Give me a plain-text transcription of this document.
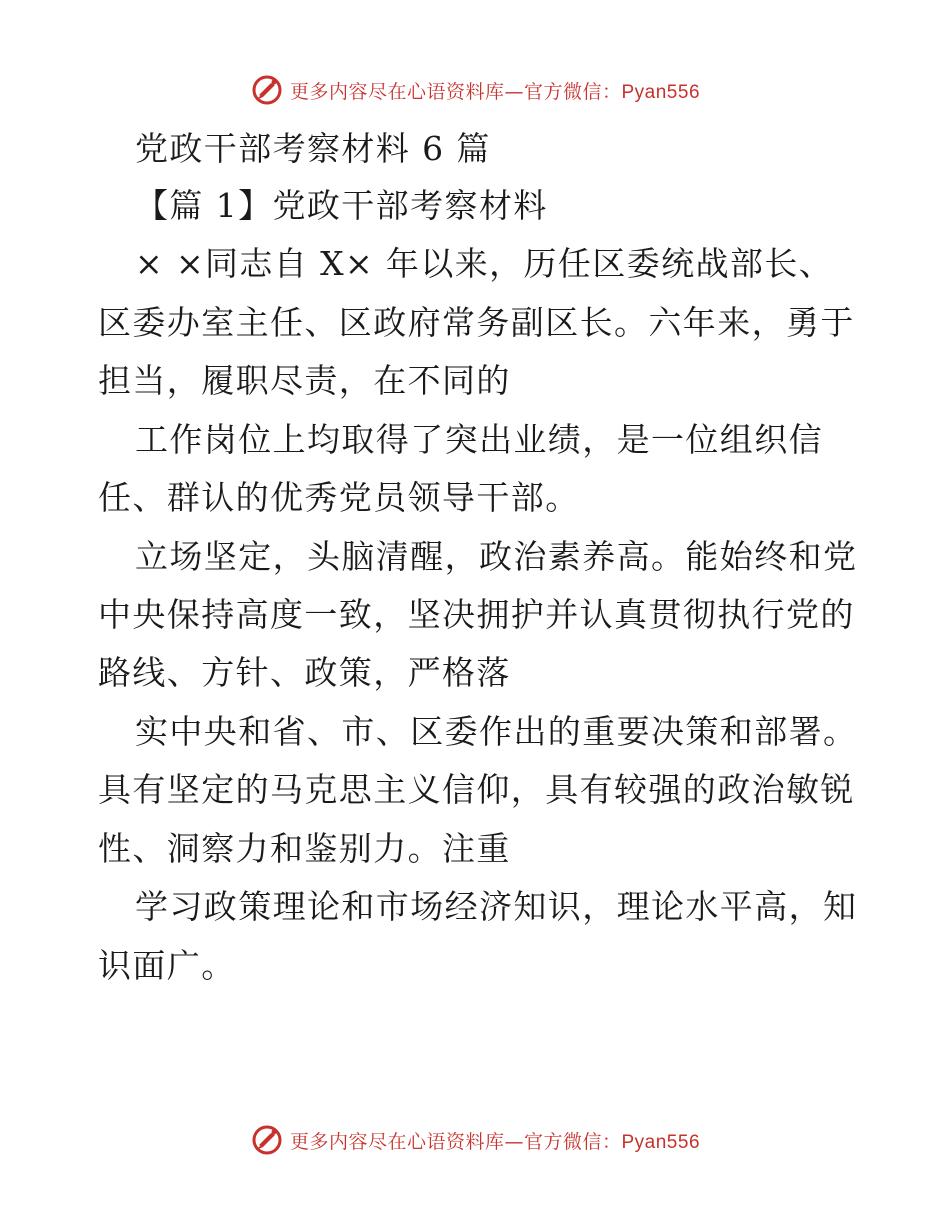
更多内容尽在心语资料库—官方微信：Pyan556
党政干部考察材料 6 篇
【篇 1】党政干部考察材料
× ×同志自 X× 年以来，历任区委统战部长、
区委办室主任、区政府常务副区长。六年来，勇于
担当，履职尽责，在不同的
工作岗位上均取得了突出业绩，是一位组织信
任、群认的优秀党员领导干部。
立场坚定，头脑清醒，政治素养高。能始终和党
中央保持高度一致，坚决拥护并认真贯彻执行党的
路线、方针、政策，严格落
实中央和省、市、区委作出的重要决策和部署。
具有坚定的马克思主义信仰，具有较强的政治敏锐
性、洞察力和鉴别力。注重
学习政策理论和市场经济知识，理论水平高，知
识面广。
更多内容尽在心语资料库—官方微信：Pyan556
